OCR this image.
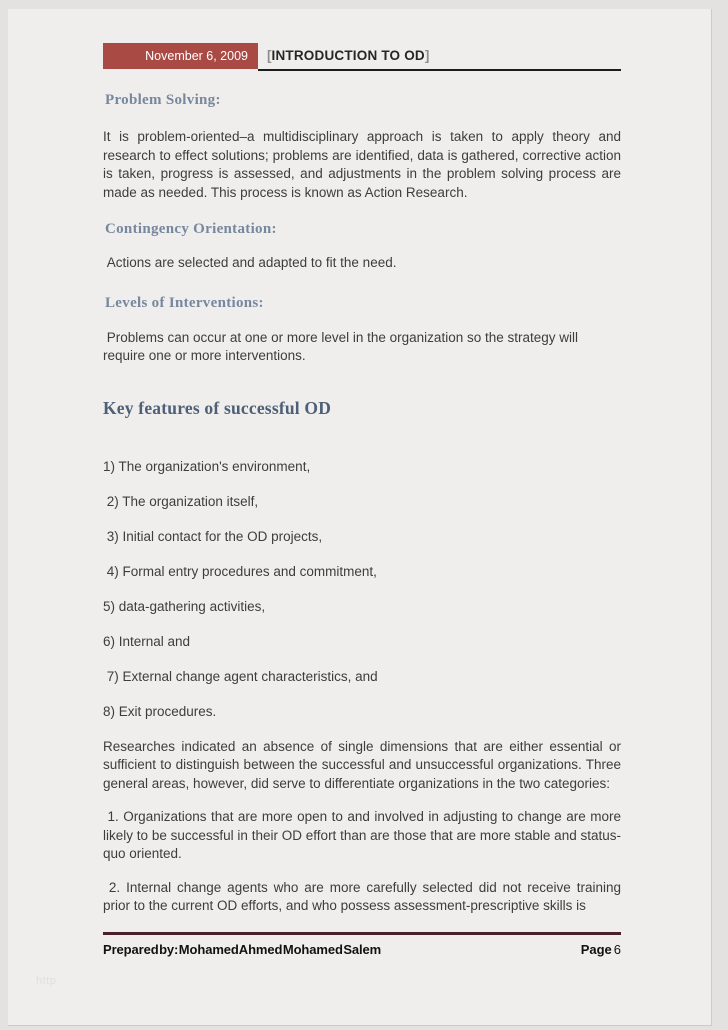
November 6, 2009	[INTRODUCTION TO OD]
Problem Solving:

It is problem-oriented–a multidisciplinary approach is taken to apply theory and research to effect solutions; problems are identified, data is gathered, corrective action is taken, progress is assessed, and adjustments in the problem solving process are made as needed. This process is known as Action Research.

Contingency Orientation:

Actions are selected and adapted to fit the need.

Levels of Interventions:

Problems can occur at one or more level in the organization so the strategy will require one or more interventions.

Key features of successful OD
1) The organization's environment,
2) The organization itself,
3) Initial contact for the OD projects,
4) Formal entry procedures and commitment,
5) data-gathering activities,
6) Internal and
7) External change agent characteristics, and
8) Exit procedures.

Researches indicated an absence of single dimensions that are either essential or sufficient to distinguish between the successful and unsuccessful organizations. Three general areas, however, did serve to differentiate organizations in the two categories:

1. Organizations that are more open to and involved in adjusting to change are more likely to be successful in their OD effort than are those that are more stable and status-quo oriented.

2. Internal change agents who are more carefully selected did not receive training prior to the current OD efforts, and who possess assessment-prescriptive skills is

Prepared by: Mohamed Ahmed Mohamed Salem	Page 6
http
